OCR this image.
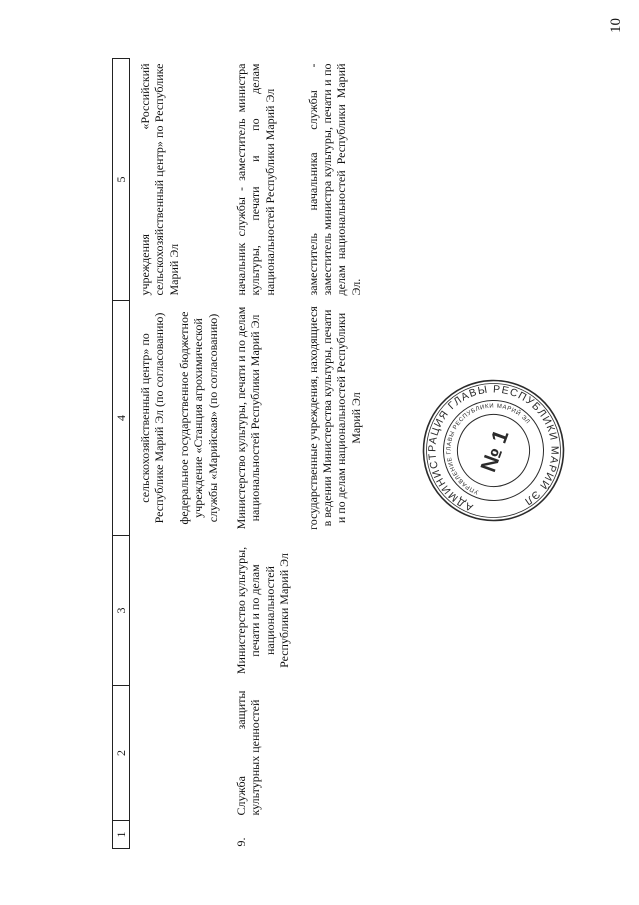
10
1	2	3	4	5

			сельскохозяйственный центр» по Республике Марий Эл (по согласованию) федеральное государственное бюджетное учреждение «Станция агрохимической службы «Марийская» (по согласованию)	учреждения «Российский сельскохозяйственный центр» по Республике Марий Эл
9.	Служба защиты культурных ценностей	Министерство культуры, печати и по делам национальностей Республики Марий Эл	Министерство культуры, печати и по делам национальностей Республики Марий Эл	начальник службы - заместитель министра культуры, печати и по делам национальностей Республики Марий Эл
			государственные учреждения, находящиеся в ведении Министерства культуры, печати и по делам национальностей Республики Марий Эл	заместитель начальника службы - заместитель министра культуры, печати и по делам национальностей Республики Марий Эл.
АДМИНИСТРАЦИЯ ГЛАВЫ РЕСПУБЛИКИ МАРИЙ ЭЛ
УПРАВЛЕНИЕ ГЛАВЫ РЕСПУБЛИКИ МАРИЙ ЭЛ
№ 1
